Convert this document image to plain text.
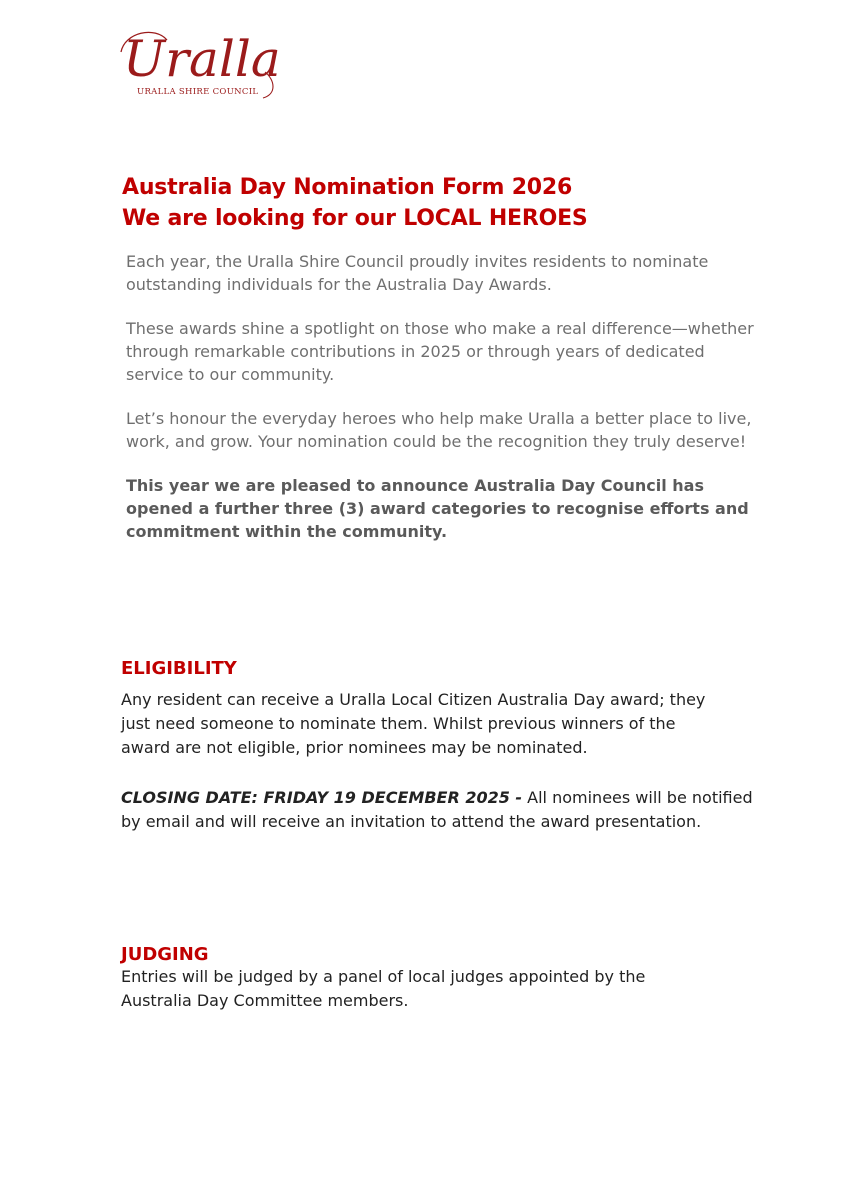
Uralla
URALLA SHIRE COUNCIL
Australia Day Nomination Form 2026
We are looking for our LOCAL HEROES

Each year, the Uralla Shire Council proudly invites residents to nominate outstanding individuals for the Australia Day Awards.

These awards shine a spotlight on those who make a real difference—whether through remarkable contributions in 2025 or through years of dedicated service to our community.

Let’s honour the everyday heroes who help make Uralla a better place to live, work, and grow. Your nomination could be the recognition they truly deserve!

This year we are pleased to announce Australia Day Council has opened a further three (3) award categories to recognise efforts and commitment within the community.

ELIGIBILITY

Any resident can receive a Uralla Local Citizen Australia Day award; they
just need someone to nominate them. Whilst previous winners of the
award are not eligible, prior nominees may be nominated.

CLOSING DATE: FRIDAY 19 DECEMBER 2025 - All nominees will be notified by email and will receive an invitation to attend the award presentation.

JUDGING

Entries will be judged by a panel of local judges appointed by the
Australia Day Committee members.
